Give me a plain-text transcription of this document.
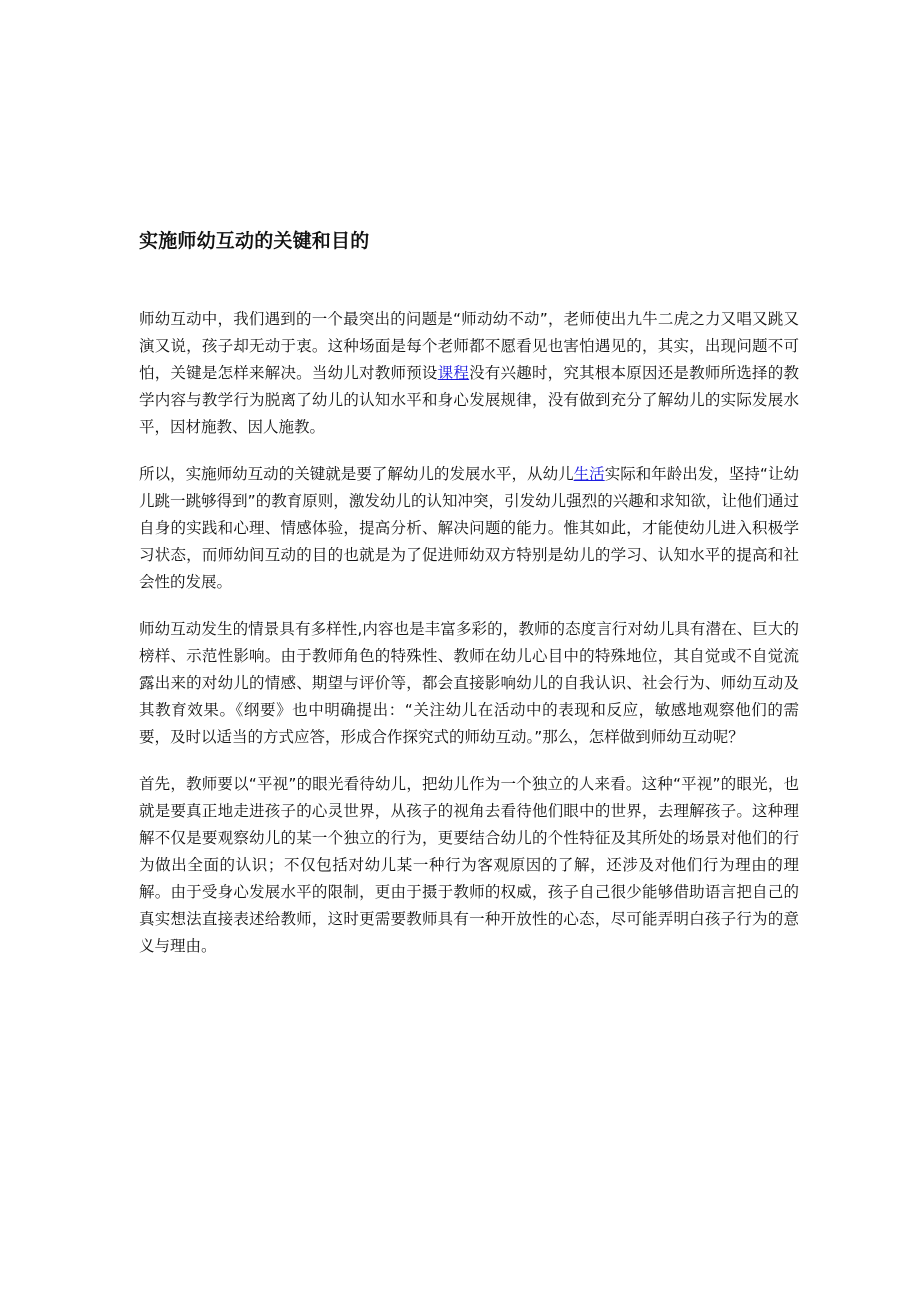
实施师幼互动的关键和目的

师幼互动中，我们遇到的一个最突出的问题是“师动幼不动”，老师使出九牛二虎之力又唱又跳又演又说，孩子却无动于衷。这种场面是每个老师都不愿看见也害怕遇见的，其实，出现问题不可怕，关键是怎样来解决。当幼儿对教师预设课程没有兴趣时，究其根本原因还是教师所选择的教学内容与教学行为脱离了幼儿的认知水平和身心发展规律，没有做到充分了解幼儿的实际发展水平，因材施教、因人施教。

所以，实施师幼互动的关键就是要了解幼儿的发展水平，从幼儿生活实际和年龄出发，坚持“让幼儿跳一跳够得到”的教育原则，激发幼儿的认知冲突，引发幼儿强烈的兴趣和求知欲，让他们通过自身的实践和心理、情感体验，提高分析、解决问题的能力。惟其如此，才能使幼儿进入积极学习状态，而师幼间互动的目的也就是为了促进师幼双方特别是幼儿的学习、认知水平的提高和社会性的发展。

师幼互动发生的情景具有多样性,内容也是丰富多彩的，教师的态度言行对幼儿具有潜在、巨大的榜样、示范性影响。由于教师角色的特殊性、教师在幼儿心目中的特殊地位，其自觉或不自觉流露出来的对幼儿的情感、期望与评价等，都会直接影响幼儿的自我认识、社会行为、师幼互动及其教育效果。《纲要》也中明确提出：“关注幼儿在活动中的表现和反应，敏感地观察他们的需要，及时以适当的方式应答，形成合作探究式的师幼互动。”那么，怎样做到师幼互动呢？

首先，教师要以“平视”的眼光看待幼儿，把幼儿作为一个独立的人来看。这种“平视”的眼光，也就是要真正地走进孩子的心灵世界，从孩子的视角去看待他们眼中的世界，去理解孩子。这种理解不仅是要观察幼儿的某一个独立的行为，更要结合幼儿的个性特征及其所处的场景对他们的行为做出全面的认识；不仅包括对幼儿某一种行为客观原因的了解，还涉及对他们行为理由的理解。由于受身心发展水平的限制，更由于摄于教师的权威，孩子自己很少能够借助语言把自己的真实想法直接表述给教师，这时更需要教师具有一种开放性的心态，尽可能弄明白孩子行为的意义与理由。
